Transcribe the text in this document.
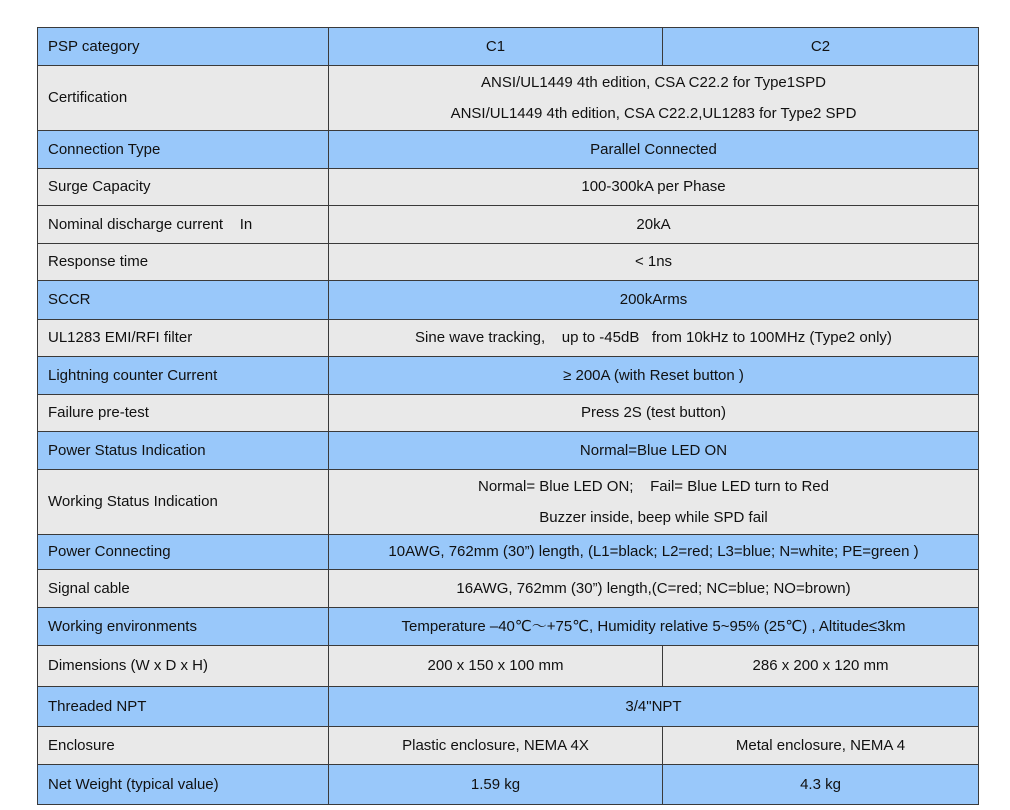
PSP category	C1	C2
Certification	ANSI/UL1449 4th edition, CSA C22.2 for Type1SPD
ANSI/UL1449 4th edition, CSA C22.2,UL1283 for Type2 SPD	

Connection Type	Parallel Connected	
Surge Capacity	100-300kA per Phase	
Nominal discharge current    In	20kA	
Response time	< 1ns	
SCCR	200kArms	
UL1283 EMI/RFI filter	Sine wave tracking,    up to -45dB   from 10kHz to 100MHz (Type2 only)	
Lightning counter Current	≥ 200A (with Reset button )	
Failure pre-test	Press 2S (test button)	
Power Status Indication	Normal=Blue LED ON	
Working Status Indication	Normal= Blue LED ON;    Fail= Blue LED turn to Red
Buzzer inside, beep while SPD fail	

Power Connecting	10AWG, 762mm (30”) length, (L1=black; L2=red; L3=blue; N=white; PE=green )	
Signal cable	16AWG, 762mm (30”) length,(C=red; NC=blue; NO=brown)	
Working environments	Temperature –40℃～+75℃, Humidity relative 5~95% (25℃) , Altitude≤3km	
Dimensions (W x D x H)	200 x 150 x 100 mm	286 x 200 x 120 mm
Threaded NPT	3/4"NPT	
Enclosure	Plastic enclosure, NEMA 4X	Metal enclosure, NEMA 4
Net Weight (typical value)	1.59 kg	4.3 kg
